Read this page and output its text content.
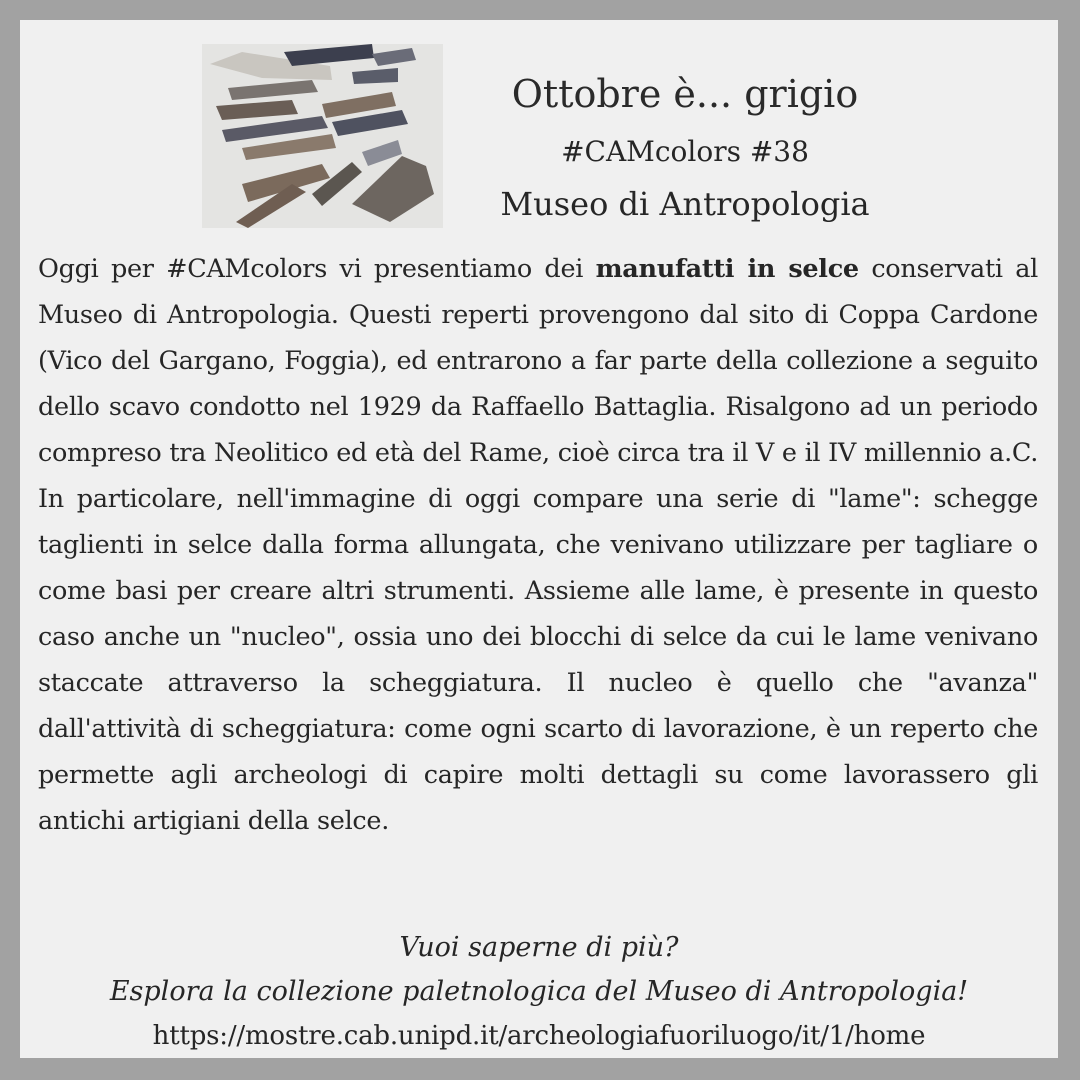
Ottobre è... grigio
#CAMcolors #38
Museo di Antropologia
Oggi per #CAMcolors vi presentiamo dei manufatti in selce conservati al Museo di Antropologia. Questi reperti provengono dal sito di Coppa Cardone (Vico del Gargano, Foggia), ed entrarono a far parte della collezione a seguito dello scavo condotto nel 1929 da Raffaello Battaglia. Risalgono ad un periodo compreso tra Neolitico ed età del Rame, cioè circa tra il V e il IV millennio a.C. In particolare, nell'immagine di oggi compare una serie di "lame": schegge taglienti in selce dalla forma allungata, che venivano utilizzare per tagliare o come basi per creare altri strumenti. Assieme alle lame, è presente in questo caso anche un "nucleo", ossia uno dei blocchi di selce da cui le lame venivano staccate attraverso la scheggiatura. Il nucleo è quello che "avanza" dall'attività di scheggiatura: come ogni scarto di lavorazione, è un reperto che permette agli archeologi di capire molti dettagli su come lavorassero gli antichi artigiani della selce.
Vuoi saperne di più?
Esplora la collezione paletnologica del Museo di Antropologia!
https://mostre.cab.unipd.it/archeologiafuoriluogo/it/1/home
